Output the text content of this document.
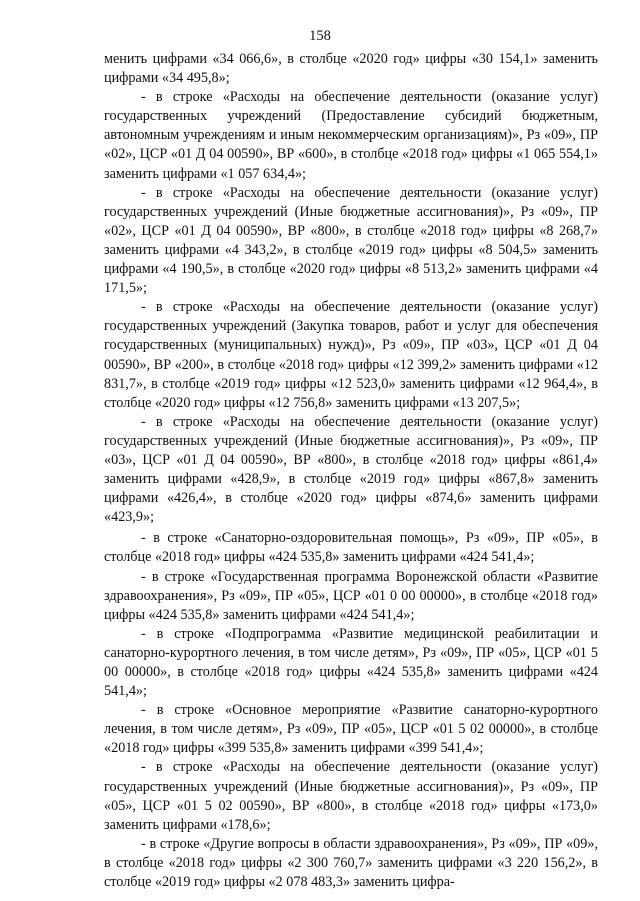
158

менить цифрами «34 066,6», в столбце «2020 год» цифры «30 154,1» заменить цифрами «34 495,8»;

- в строке «Расходы на обеспечение деятельности (оказание услуг) государственных учреждений (Предоставление субсидий бюджетным, автономным учреждениям и иным некоммерческим организациям)», Рз «09», ПР «02», ЦСР «01 Д 04 00590», ВР «600», в столбце «2018 год» цифры «1 065 554,1» заменить цифрами «1 057 634,4»;

- в строке «Расходы на обеспечение деятельности (оказание услуг) государственных учреждений (Иные бюджетные ассигнования)», Рз «09», ПР «02», ЦСР «01 Д 04 00590», ВР «800», в столбце «2018 год» цифры «8 268,7» заменить цифрами «4 343,2», в столбце «2019 год» цифры «8 504,5» заменить цифрами «4 190,5», в столбце «2020 год» цифры «8 513,2» заменить цифрами «4 171,5»;

- в строке «Расходы на обеспечение деятельности (оказание услуг) государственных учреждений (Закупка товаров, работ и услуг для обеспечения государственных (муниципальных) нужд)», Рз «09», ПР «03», ЦСР «01 Д 04 00590», ВР «200», в столбце «2018 год» цифры «12 399,2» заменить цифрами «12 831,7», в столбце «2019 год» цифры «12 523,0» заменить цифрами «12 964,4», в столбце «2020 год» цифры «12 756,8» заменить цифрами «13 207,5»;

- в строке «Расходы на обеспечение деятельности (оказание услуг) государственных учреждений (Иные бюджетные ассигнования)», Рз «09», ПР «03», ЦСР «01 Д 04 00590», ВР «800», в столбце «2018 год» цифры «861,4» заменить цифрами «428,9», в столбце «2019 год» цифры «867,8» заменить цифрами «426,4», в столбце «2020 год» цифры «874,6» заменить цифрами «423,9»;

- в строке «Санаторно-оздоровительная помощь», Рз «09», ПР «05», в столбце «2018 год» цифры «424 535,8» заменить цифрами «424 541,4»;

- в строке «Государственная программа Воронежской области «Развитие здравоохранения», Рз «09», ПР «05», ЦСР «01 0 00 00000», в столбце «2018 год» цифры «424 535,8» заменить цифрами «424 541,4»;

- в строке «Подпрограмма «Развитие медицинской реабилитации и санаторно-курортного лечения, в том числе детям», Рз «09», ПР «05», ЦСР «01 5 00 00000», в столбце «2018 год» цифры «424 535,8» заменить цифрами «424 541,4»;

- в строке «Основное мероприятие «Развитие санаторно-курортного лечения, в том числе детям», Рз «09», ПР «05», ЦСР «01 5 02 00000», в столбце «2018 год» цифры «399 535,8» заменить цифрами «399 541,4»;

- в строке «Расходы на обеспечение деятельности (оказание услуг) государственных учреждений (Иные бюджетные ассигнования)», Рз «09», ПР «05», ЦСР «01 5 02 00590», ВР «800», в столбце «2018 год» цифры «173,0» заменить цифрами «178,6»;

- в строке «Другие вопросы в области здравоохранения», Рз «09», ПР «09», в столбце «2018 год» цифры «2 300 760,7» заменить цифрами «3 220 156,2», в столбце «2019 год» цифры «2 078 483,3» заменить цифра-
